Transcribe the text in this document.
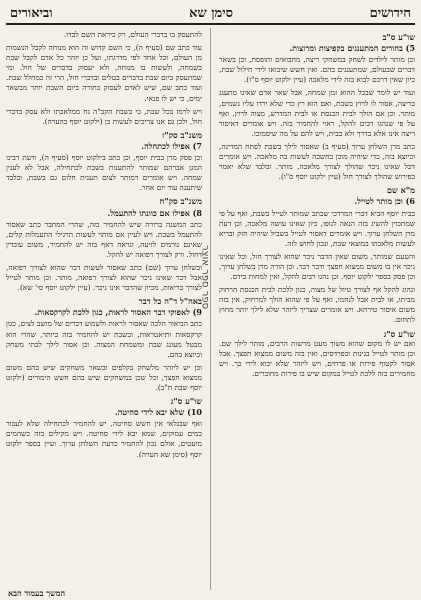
חידושים
סימן שא
וביאורים
שו"ע ס"ב
5) בחורים המתענגים בקפיצות ומרוצות.

וכן מותר לילדים לשחק במשחקי ריצה, מחבואים ותופסת, וכן בשאר דברים שבעולם, שמתענגים בהם. ואין חשש שיבואו לידי חילול שבת, כיון שאין דרכם לבוא בזה לידי מלאכה (עיין ילקוט יוסף ס"ו).

ועוד יש לומר שבכל ההוא זמן שמחה, אבל שאר אדם שאינו מתענג בריצה, אסור לו לרוץ בשבת, ואם הוא רץ כדי שלא ירדו עליו גשמים, מותר. וכן אם הולך לבית הכנסת או לבית המדרש, מצוה לרוץ. ואף על פי שנהגו רבים להקל, ראוי להחמיר בזה. ויש אומרים דאיסור ריצה אינו אלא בדרך ולא בבית, ויש להם על מה שיסמוכו.

כתב מרן השלחן ערוך (סעיף ב) שאסור לילך בשבת לפתח המדינה, וכיוצא בזה, כדי שיהיה מוכן בחשכה לעשות בה מלאכה. ויש אומרים דכל שאינו ניכר שהולך לצורך מלאכה, מותר. ובלבד שלא יאמר בפירוש שהולך לצורך חול (עיין ילקוט יוסף ס"ו).

מ"א שם
6) וכן מותר לטייל.

בבית יוסף הביא דברי המרדכי שכתב שמותר לטייל בשבת, ואף על פי שמתכוין להשיג בזה הנאה לגופו, כיון שאינו עושה מלאכה, וכן דעת מרן השלחן ערוך. ויש אומרים דאסור לטייל בשביל שיהיה חזק ובריא לעשות מלאכתו במוצאי שבת, ונכון לחוש לזה.

והטעם שמותר, משום שאין הדבר ניכר שהוא לצורך חול, וכל שאינו ניכר אין בו משום ממצוא חפצך ודבר דבר. וכן הורה מרן בשלחן ערוך, וכן פסק בספר ילקוט יוסף. וכן נהגו רבים להקל, ואין למחות בידם.

ונהוג להקל אף לצורך טיול של מצוה, כגון ללכת לבית הכנסת הרחוק מביתו, או לבית אבל לנחמו, ואף על פי שהוא הולך למרחוק, אין בזה משום איסור טירחא. ויש אומרים שצריך ליזהר שלא לילך יותר מחוץ לתחום.

שו"ע ס"ג

ואם יש לו מקום שהוא משוך מעט מרשות הרבים, מותר לילך שם. וכן מותר לטייל בגינות ובפרדסים, ואין בזה משום ממצוא חפצך. אבל אסור לקטוף פירות או פרחים, ויש ליזהר שלא יבוא לידי כך. ויש מחמירים בזה ללכת לטייל במקום שיש בו פירות מחוברים.

להתעסק בו בדברי העולם, רק כיראת השם לבדו.

עוד כתב שם (סעיף ה), כי השם קדוש זה הוא מנוחה לקבל הנשמות מן העולם, וכל אחד לפי מדרגתו, ועל כן יזהר כל אדם לקבל שבת בשמחה, ולעשות בו מנוחה, ולא יעסוק בדברים של חול. ומי שמתעסק ביום שבת בדברים בטלים ובדברי חול, הרי זה כמחלל שבת. ועוד כתב שם, שיש לאדם לעסוק בתורה ביום השבת יותר מבשאר ימים, כי יש לו פנאי.

ויש לרמז בכל שבת, כי בשבת הקב"ה נח ממלאכתו ולא עסק בדברי חול, ולכן גם אנו צריכים לעשות כן (ילקוט יוסף בהערה).

משנ"ב סק"ז
7) אפילו לכתחלה.

וכן פסק מרן בבית יוסף, וכן כתב בילקוט יוסף (סעיף ה), ודעת רבינו המגן אברהם שמותר להתענות בשבת לכתחילה, אבל לא לענין שמחה. ויש אומרים דמותר לצום תענית חלום גם בשבת, ובלבד שיתענה עוד יום אחר.

משנ"ב סק"ח
8) אפילו אם כוונתו להתעמל.

כתב המשנה ברורה שיש להחמיר בזה, שהרי המחבר כתב שאסור להתעמל בשבת. ויש לעיין אם מותר לעשות תרגילי התעמלות קלים, שאינם גורמים לזיעה, ונראה דאף בזה יש להחמיר, משום עובדין דחול. ורק לצורך רפואה יש להקל.

ובשלחן ערוך (שם) כתב שאסור לעשות דבר שהוא לצורך רפואה, אבל דבר שאינו ניכר שהוא לצורך רפואה, מותר. וכן מותר לטייל לצורך בריאות, מכיון שהדבר אינו ניכר. (עיין ילקוט יוסף סי' שא).

באה"ל ד"ה כל דבר
9) לאפוקי דבר האסור לראות, כגון ללכת לקרקסאות.

כתב הביאור הלכה שאסור לראות ולשמוע דברים של מושב לצים, כגון קרקסאות ותיאטראות, ובשבת יש להחמיר בזה ביותר, שהרי הוא מבטל מעונג שבת ומשמחת המצוה. וכן אסור לילך לבתי משחק וכיוצא בהם.

וכן יש ליזהר מלשחק בקלפים ובשאר משחקים שיש בהם משום ממצוא חפצך, וכל שכן במשחקים שיש בהם חשש הימורים (ילקוט יוסף שבת ח"ב).

שו"ע ס"ג
10) שלא יבא לידי סחיטה.

ואף שבגלאי אין חשש סחיטה, יש להחמיר לכתחילה שלא לעבור במים עמוקים, שמא יבא לידי סחיטה. ויש מקילים בזה כשהמים מועטים, אולם נכון להחמיר כדעת השלחן ערוך. ועיין בספר ילקוט יוסף (סימן שא הערה).

ספר ספר אוצר
המשך בעמוד הבא
